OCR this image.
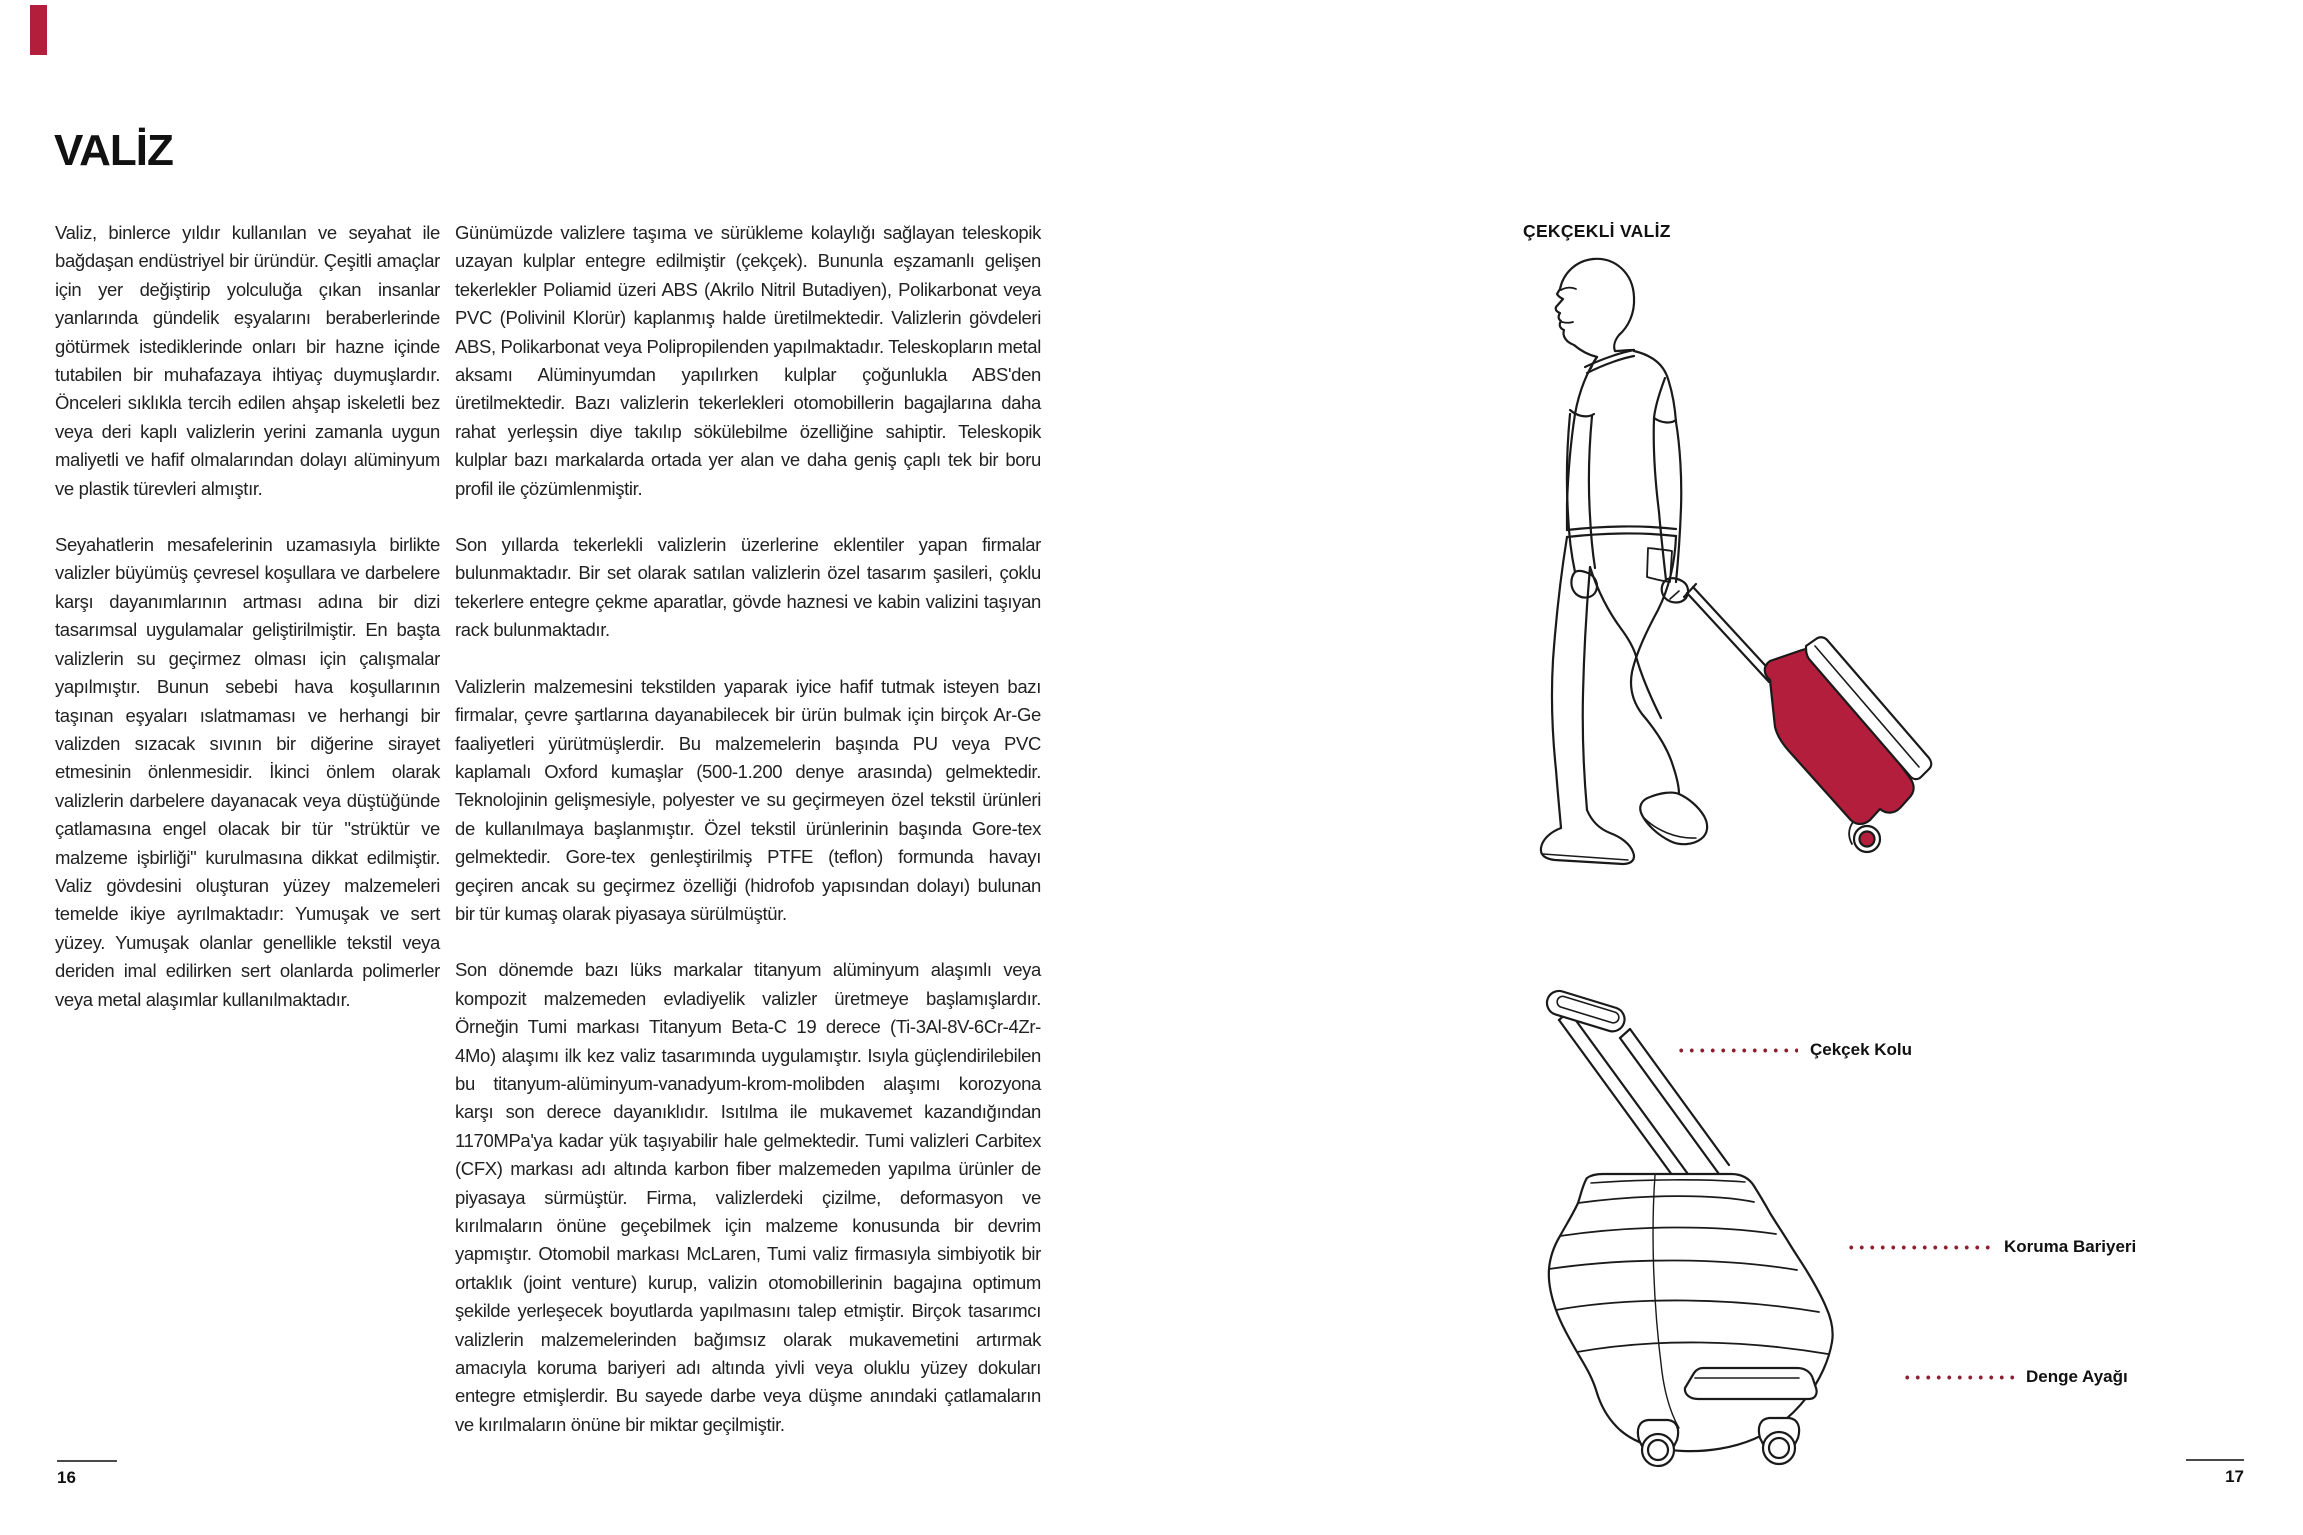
VALİZ

Valiz, binlerce yıldır kullanılan ve seyahat ile bağdaşan endüstriyel bir üründür. Çeşitli amaçlar için yer değiştirip yolculuğa çıkan insanlar yanlarında gündelik eşyalarını beraberlerinde götürmek istediklerinde onları bir hazne içinde tutabilen bir muhafazaya ihtiyaç duymuşlardır. Önceleri sıklıkla tercih edilen ahşap iskeletli bez veya deri kaplı valizlerin yerini zamanla uygun maliyetli ve hafif olmalarından dolayı alüminyum ve plastik türevleri almıştır.

Seyahatlerin mesafelerinin uzamasıyla birlikte valizler büyümüş çevresel koşullara ve darbelere karşı dayanımlarının artması adına bir dizi tasarımsal uygulamalar geliştirilmiştir. En başta valizlerin su geçirmez olması için çalışmalar yapılmıştır. Bunun sebebi hava koşullarının taşınan eşyaları ıslatmaması ve herhangi bir valizden sızacak sıvının bir diğerine sirayet etmesinin önlenmesidir. İkinci önlem olarak valizlerin darbelere dayanacak veya düştüğünde çatlamasına engel olacak bir tür "strüktür ve malzeme işbirliği" kurulmasına dikkat edilmiştir. Valiz gövdesini oluşturan yüzey malzemeleri temelde ikiye ayrılmaktadır: Yumuşak ve sert yüzey. Yumuşak olanlar genellikle tekstil veya deriden imal edilirken sert olanlarda polimerler veya metal alaşımlar kullanılmaktadır.

Günümüzde valizlere taşıma ve sürükleme kolaylığı sağlayan teleskopik uzayan kulplar entegre edilmiştir (çekçek). Bununla eşzamanlı gelişen tekerlekler Poliamid üzeri ABS (Akrilo Nitril Butadiyen), Polikarbonat veya PVC (Polivinil Klorür) kaplanmış halde üretilmektedir. Valizlerin gövdeleri ABS, Polikarbonat veya Polipropilenden yapılmaktadır. Teleskopların metal aksamı Alüminyumdan yapılırken kulplar çoğunlukla ABS'den üretilmektedir. Bazı valizlerin tekerlekleri otomobillerin bagajlarına daha rahat yerleşsin diye takılıp sökülebilme özelliğine sahiptir. Teleskopik kulplar bazı markalarda ortada yer alan ve daha geniş çaplı tek bir boru profil ile çözümlenmiştir.

Son yıllarda tekerlekli valizlerin üzerlerine eklentiler yapan firmalar bulunmaktadır. Bir set olarak satılan valizlerin özel tasarım şasileri, çoklu tekerlere entegre çekme aparatlar, gövde haznesi ve kabin valizini taşıyan rack bulunmaktadır.

Valizlerin malzemesini tekstilden yaparak iyice hafif tutmak isteyen bazı firmalar, çevre şartlarına dayanabilecek bir ürün bulmak için birçok Ar-Ge faaliyetleri yürütmüşlerdir. Bu malzemelerin başında PU veya PVC kaplamalı Oxford kumaşlar (500-1.200 denye arasında) gelmektedir. Teknolojinin gelişmesiyle, polyester ve su geçirmeyen özel tekstil ürünleri de kullanılmaya başlanmıştır. Özel tekstil ürünlerinin başında Gore-tex gelmektedir. Gore-tex genleştirilmiş PTFE (teflon) formunda havayı geçiren ancak su geçirmez özelliği (hidrofob yapısından dolayı) bulunan bir tür kumaş olarak piyasaya sürülmüştür.

Son dönemde bazı lüks markalar titanyum alüminyum alaşımlı veya kompozit malzemeden evladiyelik valizler üretmeye başlamışlardır. Örneğin Tumi markası Titanyum Beta-C 19 derece (Ti-3Al-8V-6Cr-4Zr-4Mo) alaşımı ilk kez valiz tasarımında uygulamıştır. Isıyla güçlendirilebilen bu titanyum-alüminyum-vanadyum-krom-molibden alaşımı korozyona karşı son derece dayanıklıdır. Isıtılma ile mukavemet kazandığından 1170MPa'ya kadar yük taşıyabilir hale gelmektedir. Tumi valizleri Carbitex (CFX) markası adı altında karbon fiber malzemeden yapılma ürünler de piyasaya sürmüştür. Firma, valizlerdeki çizilme, deformasyon ve kırılmaların önüne geçebilmek için malzeme konusunda bir devrim yapmıştır. Otomobil markası McLaren, Tumi valiz firmasıyla simbiyotik bir ortaklık (joint venture) kurup, valizin otomobillerinin bagajına optimum şekilde yerleşecek boyutlarda yapılmasını talep etmiştir. Birçok tasarımcı valizlerin malzemelerinden bağımsız olarak mukavemetini artırmak amacıyla koruma bariyeri adı altında yivli veya oluklu yüzey dokuları entegre etmişlerdir. Bu sayede darbe veya düşme anındaki çatlamaların ve kırılmaların önüne bir miktar geçilmiştir.

ÇEKÇEKLİ VALİZ
Çekçek Kolu
Koruma Bariyeri
Denge Ayağı
16	17
